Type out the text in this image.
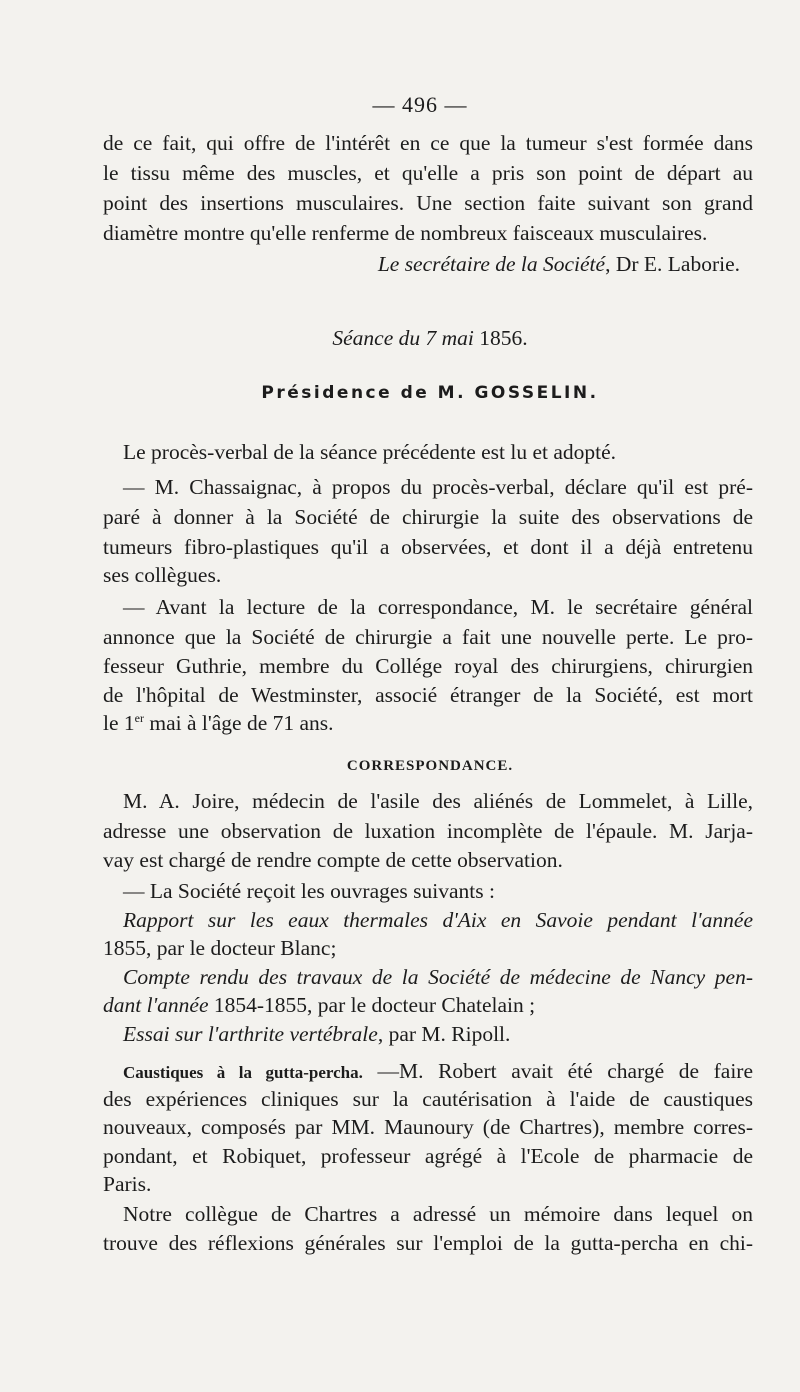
— 496 —
de ce fait, qui offre de l'intérêt en ce que la tumeur s'est formée dans
le tissu même des muscles, et qu'elle a pris son point de départ au
point des insertions musculaires. Une section faite suivant son grand
diamètre montre qu'elle renferme de nombreux faisceaux musculaires.
Le secrétaire de la Société, Dr E. Laborie.
Séance du 7 mai 1856.
Présidence de M. GOSSELIN.
Le procès-verbal de la séance précédente est lu et adopté.
— M. Chassaignac, à propos du procès-verbal, déclare qu'il est pré-
paré à donner à la Société de chirurgie la suite des observations de
tumeurs fibro-plastiques qu'il a observées, et dont il a déjà entretenu
ses collègues.
— Avant la lecture de la correspondance, M. le secrétaire général
annonce que la Société de chirurgie a fait une nouvelle perte. Le pro-
fesseur Guthrie, membre du Collége royal des chirurgiens, chirurgien
de l'hôpital de Westminster, associé étranger de la Société, est mort
le 1er mai à l'âge de 71 ans.
CORRESPONDANCE.
M. A. Joire, médecin de l'asile des aliénés de Lommelet, à Lille,
adresse une observation de luxation incomplète de l'épaule. M. Jarja-
vay est chargé de rendre compte de cette observation.
— La Société reçoit les ouvrages suivants :
Rapport sur les eaux thermales d'Aix en Savoie pendant l'année
1855, par le docteur Blanc;
Compte rendu des travaux de la Société de médecine de Nancy pen-
dant l'année 1854-1855, par le docteur Chatelain ;
Essai sur l'arthrite vertébrale, par M. Ripoll.
Caustiques à la gutta-percha. —M. Robert avait été chargé de faire
des expériences cliniques sur la cautérisation à l'aide de caustiques
nouveaux, composés par MM. Maunoury (de Chartres), membre corres-
pondant, et Robiquet, professeur agrégé à l'Ecole de pharmacie de
Paris.
Notre collègue de Chartres a adressé un mémoire dans lequel on
trouve des réflexions générales sur l'emploi de la gutta-percha en chi-
